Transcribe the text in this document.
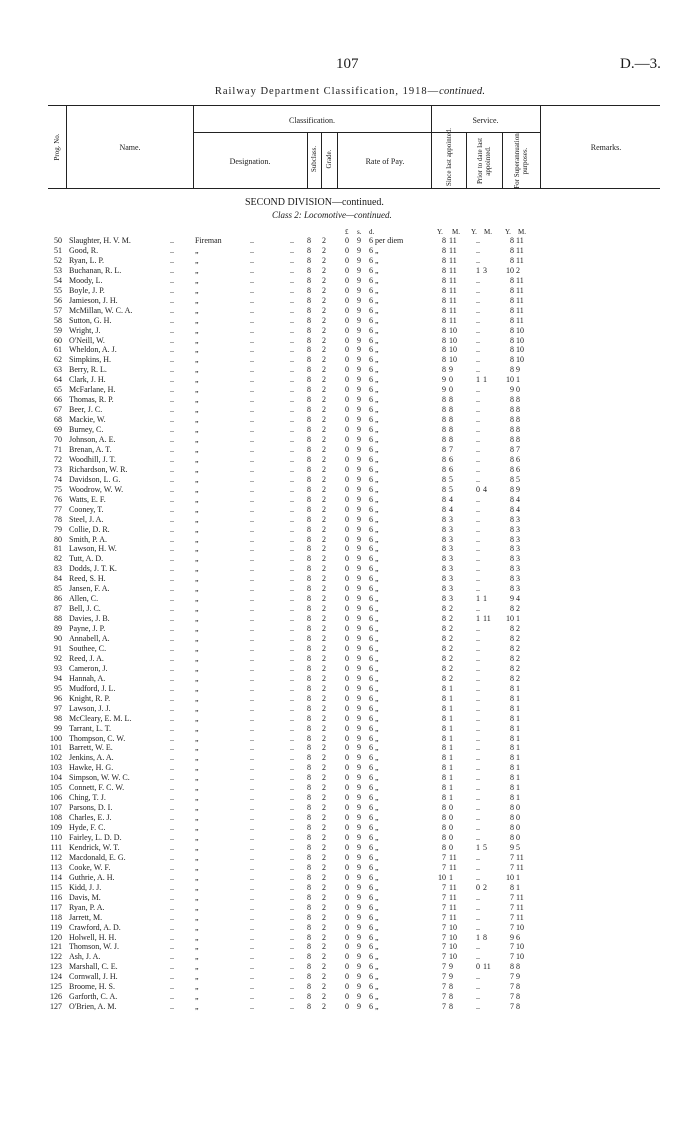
107	D.—3.
Railway Department Classification, 1918—continued.
Prog. No.	Name.
Classification.
Designation.	Subclass. Grade.	Rate of Pay.
Service.
Since last appointed.	Prior to date last appointed.	For Superannuation purposes.
Remarks.
SECOND DIVISION—continued.
Class 2: Locomotive—continued.
£ s. d.	Y. M. Y. M. Y. M.
50 Slaughter, H. V. M.	Fireman	8 2 0 9 6 per diem	8 11	..	8 11
..	..	..
51 Good, R.	„	8 2 0 9 6 „	8 11	..	8 11
..	..	..
52 Ryan, L. P.	„	8 2 0 9 6 „	8 11	..	8 11
..	..	..
53 Buchanan, R. L.	„	8 2 0 9 6 „	8 11	1 3	10 2
..	..	..
54 Moody, L.	„	8 2 0 9 6 „	8 11	..	8 11
..	..	..
55 Boyle, J. P.	„	8 2 0 9 6 „	8 11	..	8 11
..	..	..
56 Jamieson, J. H.	„	8 2 0 9 6 „	8 11	..	8 11
..	..	..
57 McMillan, W. C. A.	„	8 2 0 9 6 „	8 11	..	8 11
..	..	..
58 Sutton, G. H.	„	8 2 0 9 6 „	8 11	..	8 11
..	..	..
59 Wright, J.	„	8 2 0 9 6 „	8 10	..	8 10
..	..	..
60 O'Neill, W.	„	8 2 0 9 6 „	8 10	..	8 10
..	..	..
61 Wheldon, A. J.	„	8 2 0 9 6 „	8 10	..	8 10
..	..	..
62 Simpkins, H.	„	8 2 0 9 6 „	8 10	..	8 10
..	..	..
63 Berry, R. L.	„	8 2 0 9 6 „	8 9	..	8 9
..	..	..
64 Clark, J. H.	„	8 2 0 9 6 „	9 0	1 1	10 1
..	..	..
65 McFarlane, H.	„	8 2 0 9 6 „	9 0	..	9 0
..	..	..
66 Thomas, R. P.	„	8 2 0 9 6 „	8 8	..	8 8
..	..	..
67 Beer, J. C.	„	8 2 0 9 6 „	8 8	..	8 8
..	..	..
68 Mackie, W.	„	8 2 0 9 6 „	8 8	..	8 8
..	..	..
69 Burney, C.	„	8 2 0 9 6 „	8 8	..	8 8
..	..	..
70 Johnson, A. E.	„	8 2 0 9 6 „	8 8	..	8 8
..	..	..
71 Brenan, A. T.	„	8 2 0 9 6 „	8 7	..	8 7
..	..	..
72 Woodhill, J. T.	„	8 2 0 9 6 „	8 6	..	8 6
..	..	..
73 Richardson, W. R.	„	8 2 0 9 6 „	8 6	..	8 6
..	..	..
74 Davidson, L. G.	„	8 2 0 9 6 „	8 5	..	8 5
..	..	..
75 Woodrow, W. W.	„	8 2 0 9 6 „	8 5	0 4	8 9
..	..	..
76 Watts, E. F.	„	8 2 0 9 6 „	8 4	..	8 4
..	..	..
77 Cooney, T.	„	8 2 0 9 6 „	8 4	..	8 4
..	..	..
78 Steel, J. A.	„	8 2 0 9 6 „	8 3	..	8 3
..	..	..
79 Collie, D. R.	„	8 2 0 9 6 „	8 3	..	8 3
..	..	..
80 Smith, P. A.	„	8 2 0 9 6 „	8 3	..	8 3
..	..	..
81 Lawson, H. W.	„	8 2 0 9 6 „	8 3	..	8 3
..	..	..
82 Tutt, A. D.	„	8 2 0 9 6 „	8 3	..	8 3
..	..	..
83 Dodds, J. T. K.	„	8 2 0 9 6 „	8 3	..	8 3
..	..	..
84 Reed, S. H.	„	8 2 0 9 6 „	8 3	..	8 3
..	..	..
85 Jansen, F. A.	„	8 2 0 9 6 „	8 3	..	8 3
..	..	..
86 Allen, C.	„	8 2 0 9 6 „	8 3	1 1	9 4
..	..	..
87 Bell, J. C.	„	8 2 0 9 6 „	8 2	..	8 2
..	..	..
88 Davies, J. B.	„	8 2 0 9 6 „	8 2	1 11	10 1
..	..	..
89 Payne, J. P.	„	8 2 0 9 6 „	8 2	..	8 2
..	..	..
90 Annabell, A.	„	8 2 0 9 6 „	8 2	..	8 2
..	..	..
91 Southee, C.	„	8 2 0 9 6 „	8 2	..	8 2
..	..	..
92 Reed, J. A.	„	8 2 0 9 6 „	8 2	..	8 2
..	..	..
93 Cameron, J.	„	8 2 0 9 6 „	8 2	..	8 2
..	..	..
94 Hannah, A.	„	8 2 0 9 6 „	8 2	..	8 2
..	..	..
95 Mudford, J. L.	„	8 2 0 9 6 „	8 1	..	8 1
..	..	..
96 Knight, R. P.	„	8 2 0 9 6 „	8 1	..	8 1
..	..	..
97 Lawson, J. J.	„	8 2 0 9 6 „	8 1	..	8 1
..	..	..
98 McCleary, E. M. L.	„	8 2 0 9 6 „	8 1	..	8 1
..	..	..
99 Tarrant, L. T.	„	8 2 0 9 6 „	8 1	..	8 1
..	..	..
100 Thompson, C. W.	„	8 2 0 9 6 „	8 1	..	8 1
..	..	..
101 Barrett, W. E.	„	8 2 0 9 6 „	8 1	..	8 1
..	..	..
102 Jenkins, A. A.	„	8 2 0 9 6 „	8 1	..	8 1
..	..	..
103 Hawke, H. G.	„	8 2 0 9 6 „	8 1	..	8 1
..	..	..
104 Simpson, W. W. C.	„	8 2 0 9 6 „	8 1	..	8 1
..	..	..
105 Connett, F. C. W.	„	8 2 0 9 6 „	8 1	..	8 1
..	..	..
106 Ching, T. J.	„	8 2 0 9 6 „	8 1	..	8 1
..	..	..
107 Parsons, D. I.	„	8 2 0 9 6 „	8 0	..	8 0
..	..	..
108 Charles, E. J.	„	8 2 0 9 6 „	8 0	..	8 0
..	..	..
109 Hyde, F. C.	„	8 2 0 9 6 „	8 0	..	8 0
..	..	..
110 Fairley, L. D. D.	„	8 2 0 9 6 „	8 0	..	8 0
..	..	..
111 Kendrick, W. T.	„	8 2 0 9 6 „	8 0	1 5	9 5
..	..	..
112 Macdonald, E. G.	„	8 2 0 9 6 „	7 11	..	7 11
..	..	..
113 Cooke, W. F.	„	8 2 0 9 6 „	7 11	..	7 11
..	..	..
114 Guthrie, A. H.	„	8 2 0 9 6 „	10 1	..	10 1
..	..	..
115 Kidd, J. J.	„	8 2 0 9 6 „	7 11	0 2	8 1
..	..	..
116 Davis, M.	„	8 2 0 9 6 „	7 11	..	7 11
..	..	..
117 Ryan, P. A.	„	8 2 0 9 6 „	7 11	..	7 11
..	..	..
118 Jarrett, M.	„	8 2 0 9 6 „	7 11	..	7 11
..	..	..
119 Crawford, A. D.	„	8 2 0 9 6 „	7 10	..	7 10
..	..	..
120 Holwell, H. H.	„	8 2 0 9 6 „	7 10	1 8	9 6
..	..	..
121 Thomson, W. J.	„	8 2 0 9 6 „	7 10	..	7 10
..	..	..
122 Ash, J. A.	„	8 2 0 9 6 „	7 10	..	7 10
..	..	..
123 Marshall, C. E.	„	8 2 0 9 6 „	7 9	0 11	8 8
..	..	..
124 Cornwall, J. H.	„	8 2 0 9 6 „	7 9	..	7 9
..	..	..
125 Broome, H. S.	„	8 2 0 9 6 „	7 8	..	7 8
..	..	..
126 Garforth, C. A.	„	8 2 0 9 6 „	7 8	..	7 8
..	..	..
127 O'Brien, A. M.	„	8 2 0 9 6 „	7 8	..	7 8
..	..	..
